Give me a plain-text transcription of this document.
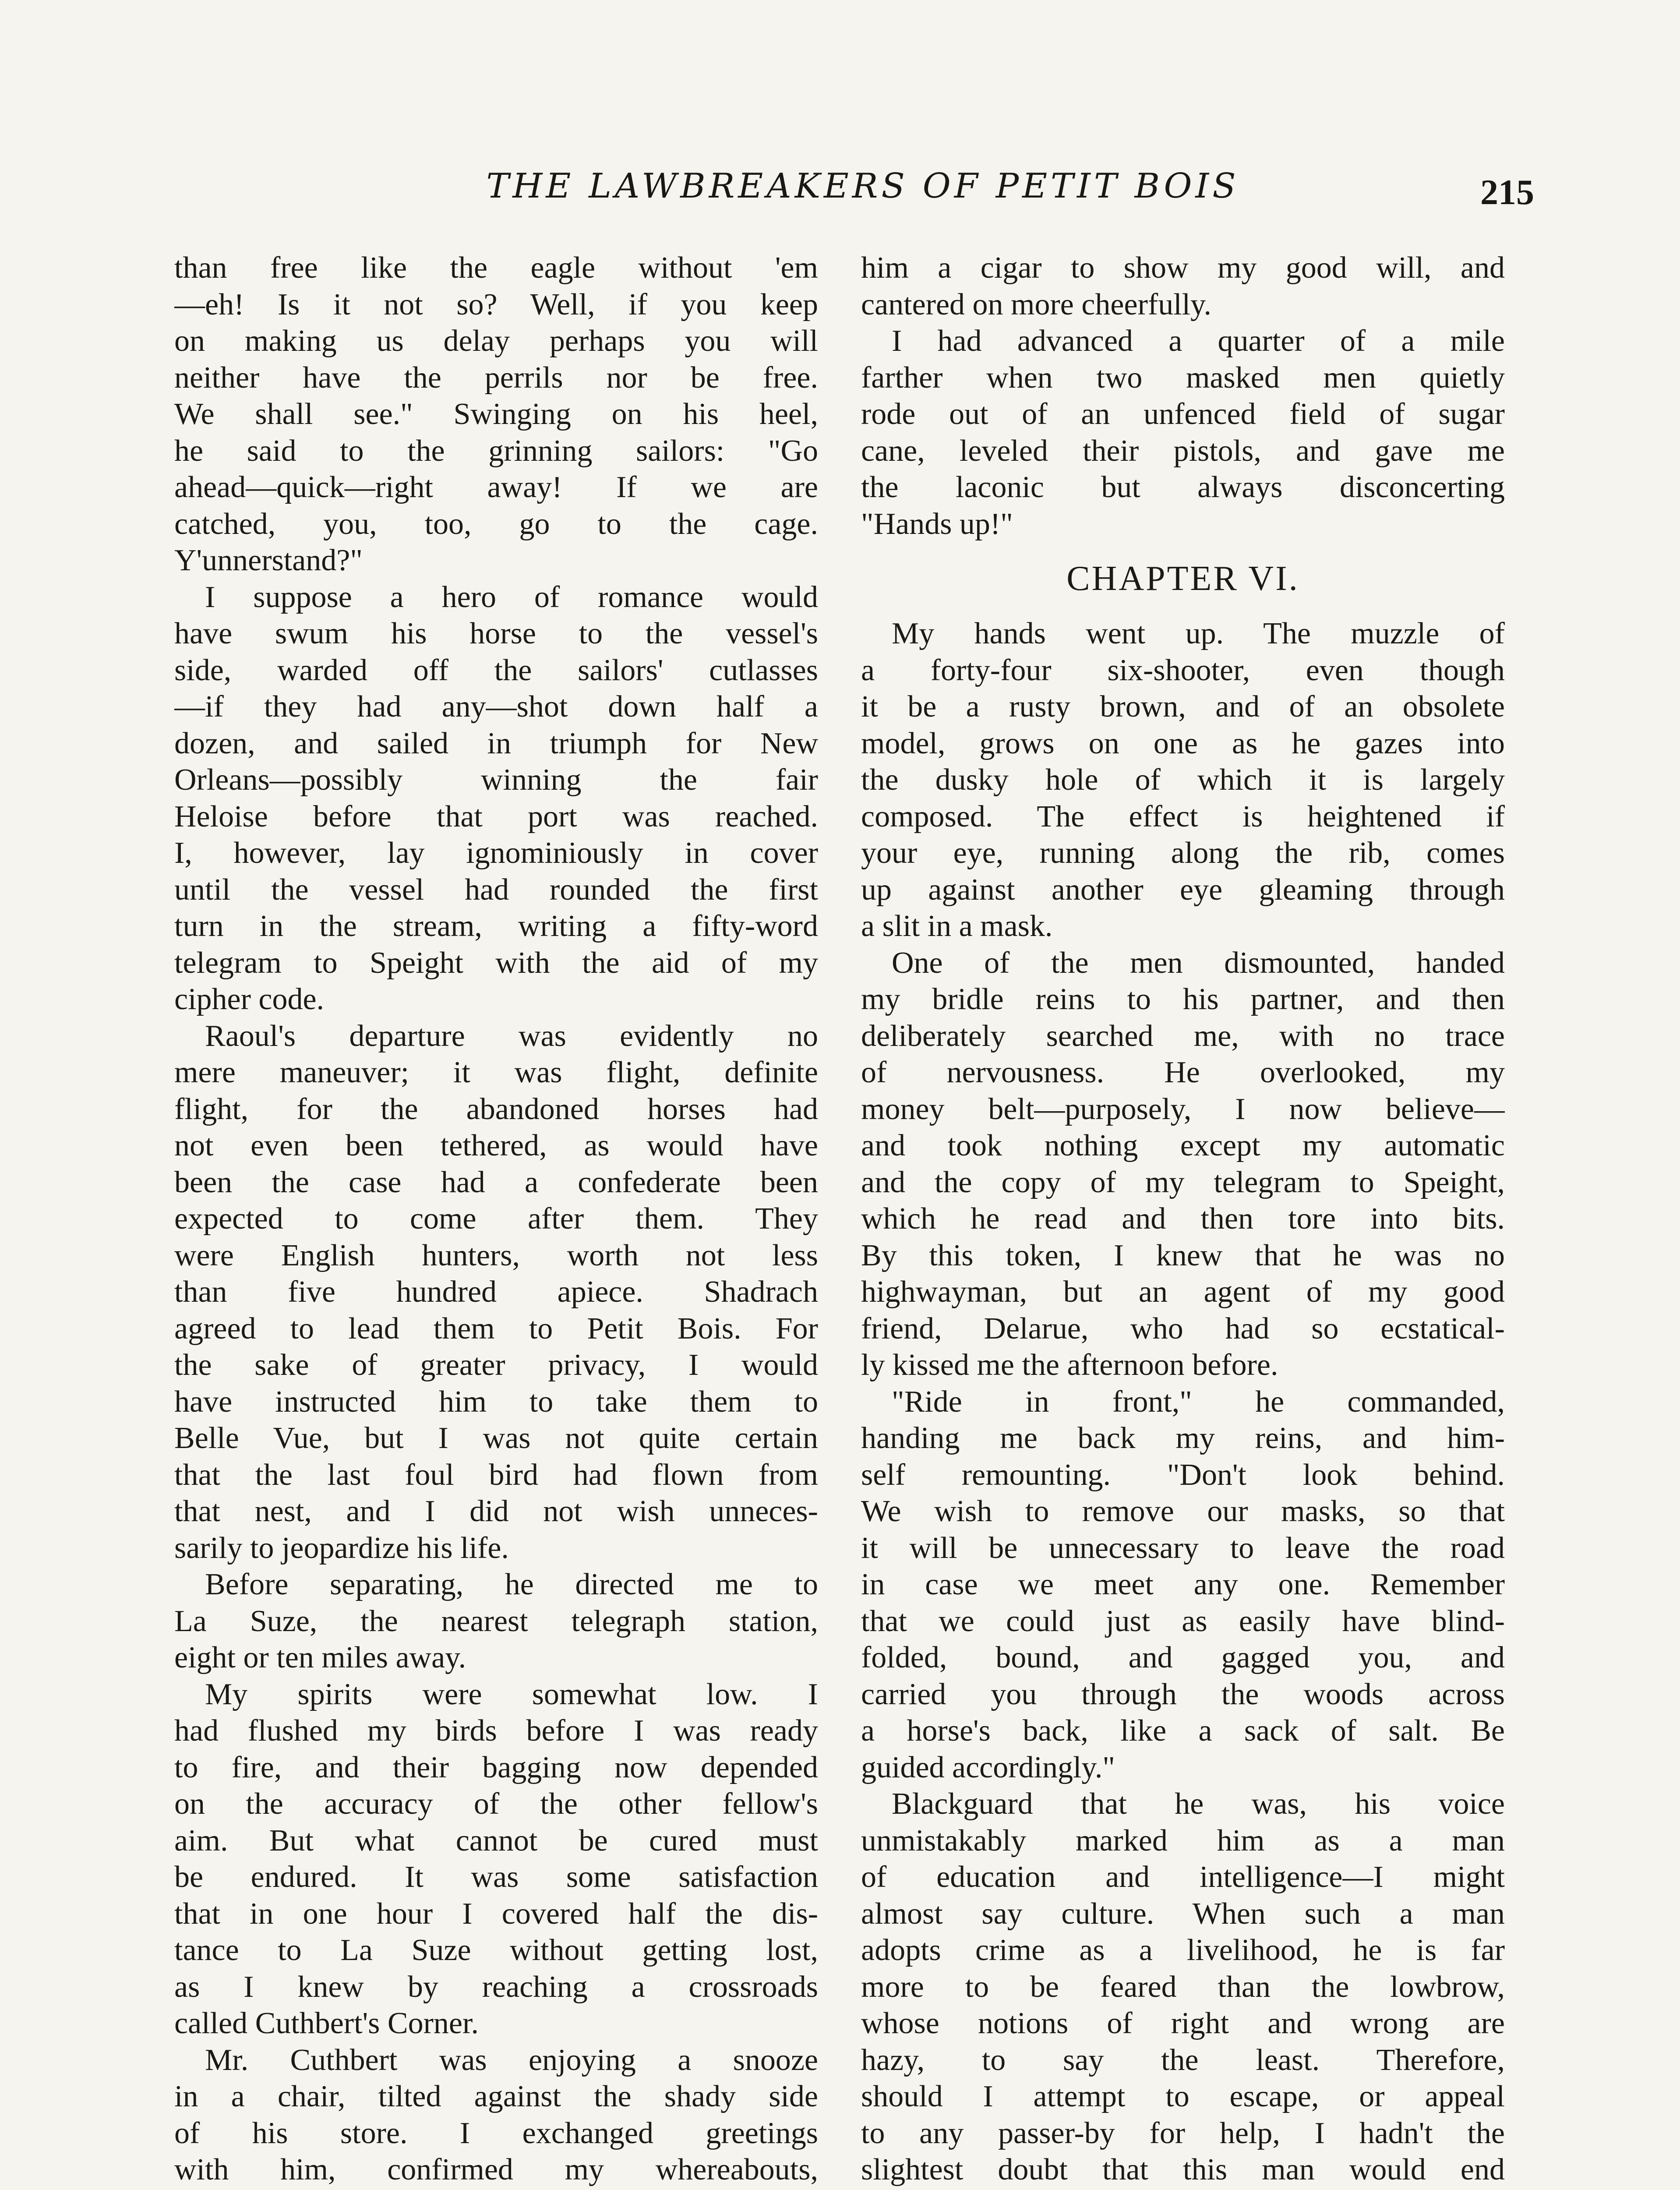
THE LAWBREAKERS OF PETIT BOIS	215
than free like the eagle without 'em
—eh! Is it not so? Well, if you keep
on making us delay perhaps you will
neither have the perrils nor be free.
We shall see." Swinging on his heel,
he said to the grinning sailors: "Go
ahead—quick—right away! If we are
catched, you, too, go to the cage.
Y'unnerstand?"
I suppose a hero of romance would
have swum his horse to the vessel's
side, warded off the sailors' cutlasses
—if they had any—shot down half a
dozen, and sailed in triumph for New
Orleans—possibly winning the fair
Heloise before that port was reached.
I, however, lay ignominiously in cover
until the vessel had rounded the first
turn in the stream, writing a fifty-word
telegram to Speight with the aid of my
cipher code.
Raoul's departure was evidently no
mere maneuver; it was flight, definite
flight, for the abandoned horses had
not even been tethered, as would have
been the case had a confederate been
expected to come after them. They
were English hunters, worth not less
than five hundred apiece. Shadrach
agreed to lead them to Petit Bois. For
the sake of greater privacy, I would
have instructed him to take them to
Belle Vue, but I was not quite certain
that the last foul bird had flown from
that nest, and I did not wish unneces-
sarily to jeopardize his life.
Before separating, he directed me to
La Suze, the nearest telegraph station,
eight or ten miles away.
My spirits were somewhat low. I
had flushed my birds before I was ready
to fire, and their bagging now depended
on the accuracy of the other fellow's
aim. But what cannot be cured must
be endured. It was some satisfaction
that in one hour I covered half the dis-
tance to La Suze without getting lost,
as I knew by reaching a crossroads
called Cuthbert's Corner.
Mr. Cuthbert was enjoying a snooze
in a chair, tilted against the shady side
of his store. I exchanged greetings
with him, confirmed my whereabouts,
him a cigar to show my good will, and
cantered on more cheerfully.
I had advanced a quarter of a mile
farther when two masked men quietly
rode out of an unfenced field of sugar
cane, leveled their pistols, and gave me
the laconic but always disconcerting
"Hands up!"
CHAPTER VI.
My hands went up. The muzzle of
a forty-four six-shooter, even though
it be a rusty brown, and of an obsolete
model, grows on one as he gazes into
the dusky hole of which it is largely
composed. The effect is heightened if
your eye, running along the rib, comes
up against another eye gleaming through
a slit in a mask.
One of the men dismounted, handed
my bridle reins to his partner, and then
deliberately searched me, with no trace
of nervousness. He overlooked, my
money belt—purposely, I now believe—
and took nothing except my automatic
and the copy of my telegram to Speight,
which he read and then tore into bits.
By this token, I knew that he was no
highwayman, but an agent of my good
friend, Delarue, who had so ecstatical-
ly kissed me the afternoon before.
"Ride in front," he commanded,
handing me back my reins, and him-
self remounting. "Don't look behind.
We wish to remove our masks, so that
it will be unnecessary to leave the road
in case we meet any one. Remember
that we could just as easily have blind-
folded, bound, and gagged you, and
carried you through the woods across
a horse's back, like a sack of salt. Be
guided accordingly."
Blackguard that he was, his voice
unmistakably marked him as a man
of education and intelligence—I might
almost say culture. When such a man
adopts crime as a livelihood, he is far
more to be feared than the lowbrow,
whose notions of right and wrong are
hazy, to say the least. Therefore,
should I attempt to escape, or appeal
to any passer-by for help, I hadn't the
slightest doubt that this man would end
